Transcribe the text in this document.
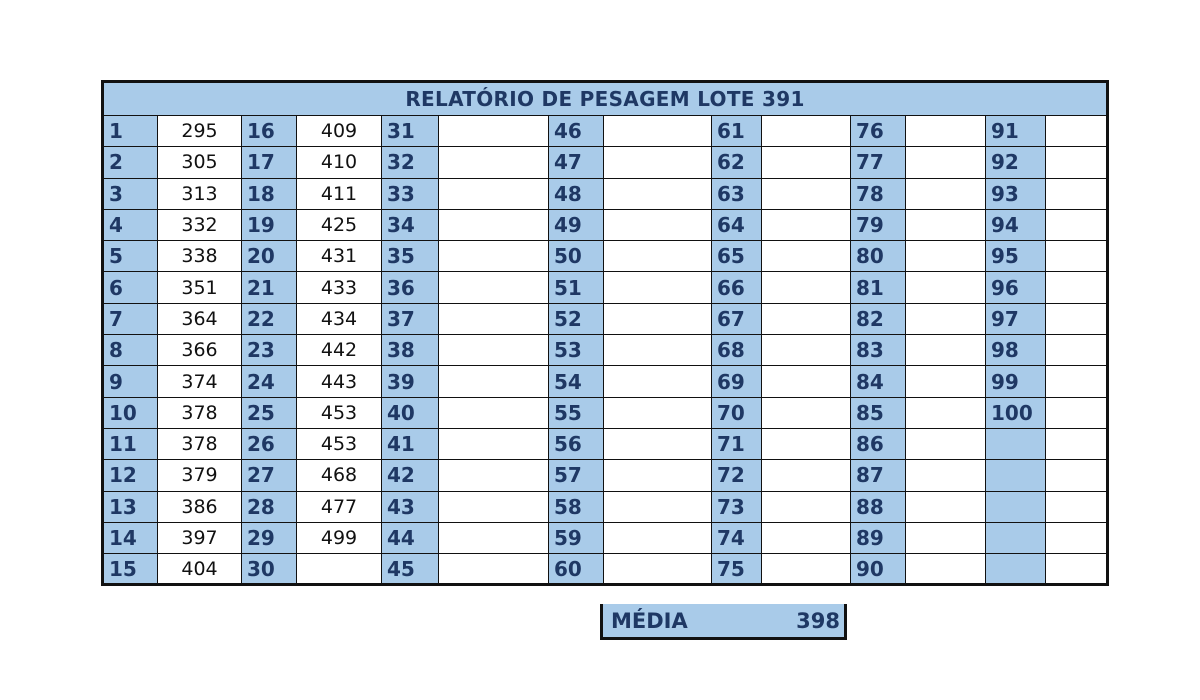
RELATÓRIO DE PESAGEM LOTE 391													
1	295	16	409	31		46		61		76		91	
2	305	17	410	32		47		62		77		92	
3	313	18	411	33		48		63		78		93	
4	332	19	425	34		49		64		79		94	
5	338	20	431	35		50		65		80		95	
6	351	21	433	36		51		66		81		96	
7	364	22	434	37		52		67		82		97	
8	366	23	442	38		53		68		83		98	
9	374	24	443	39		54		69		84		99	
10	378	25	453	40		55		70		85		100	
11	378	26	453	41		56		71		86			
12	379	27	468	42		57		72		87			
13	386	28	477	43		58		73		88			
14	397	29	499	44		59		74		89			
15	404	30		45		60		75		90			
MÉDIA	398
